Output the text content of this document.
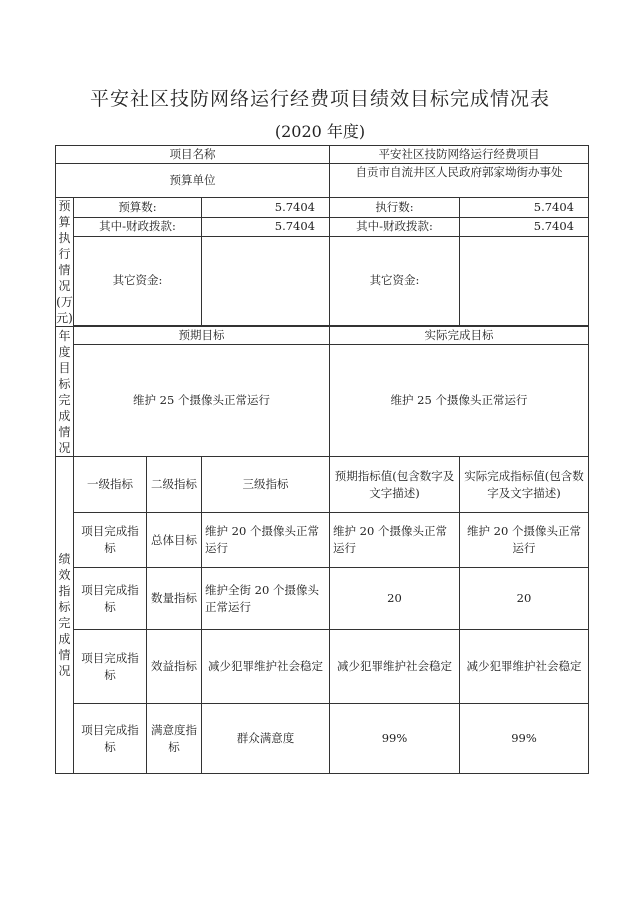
平安社区技防网络运行经费项目绩效目标完成情况表
(2020 年度)
项目名称				平安社区技防网络运行经费项目	
预算单位				自贡市自流井区人民政府郭家坳街办事处	
预算执行情况(万元)	预算数:		5.7404	执行数:	5.7404
	其中-财政拨款:		5.7404	其中-财政拨款:	5.7404
	其它资金:			其它资金:	

年度目标完成情况	预期目标			实际完成目标	
	维护 25 个摄像头正常运行			维护 25 个摄像头正常运行	
绩效指标完成情况	一级指标	二级指标	三级指标	预期指标值(包含数字及文字描述)	实际完成指标值(包含数字及文字描述)
	项目完成指标	总体目标	维护 20 个摄像头正常运行	维护 20 个摄像头正常运行	维护 20 个摄像头正常运行
	项目完成指标	数量指标	维护全街 20 个摄像头正常运行	20	20
	项目完成指标	效益指标	减少犯罪维护社会稳定	减少犯罪维护社会稳定	减少犯罪维护社会稳定
	项目完成指标	满意度指标	群众满意度	99%	99%
